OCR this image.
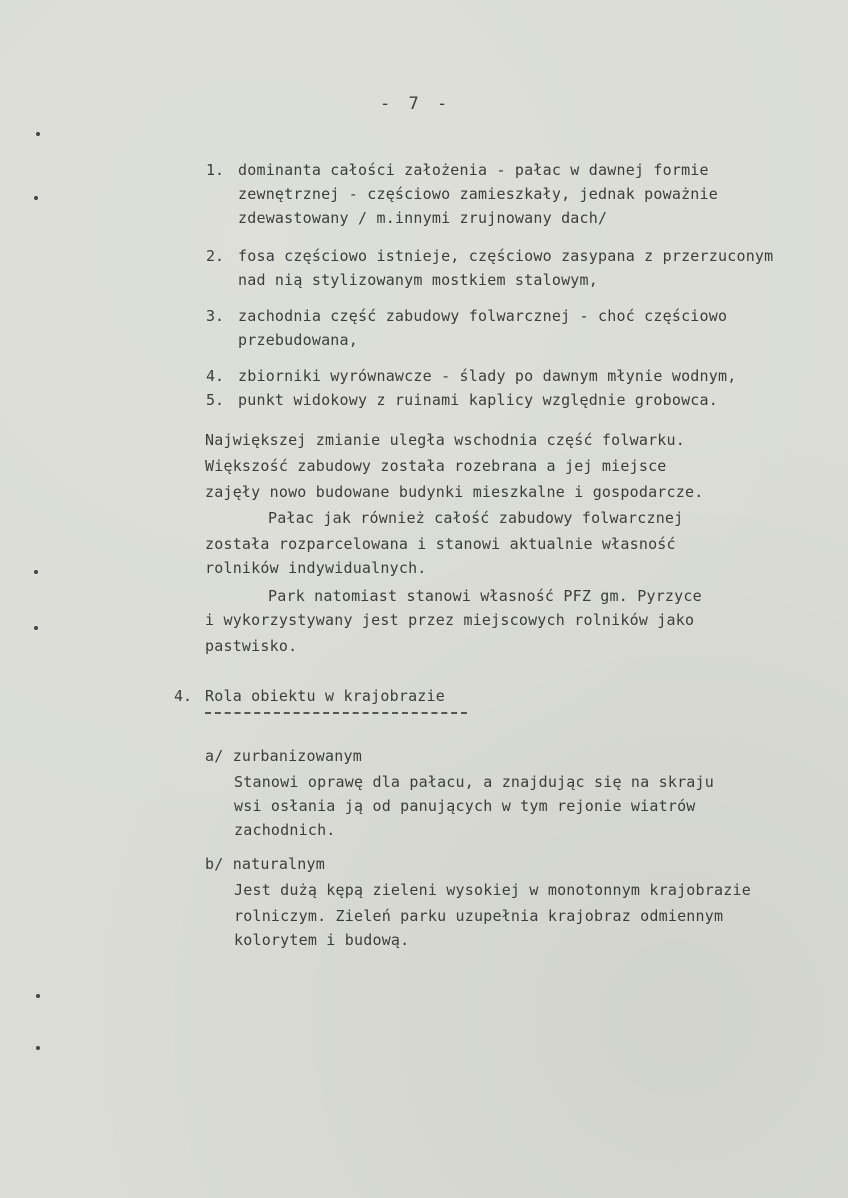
- 7 -
1. dominanta całości założenia - pałac w dawnej formie
zewnętrznej - częściowo zamieszkały, jednak poważnie
zdewastowany / m.innymi zrujnowany dach/
2. fosa częściowo istnieje, częściowo zasypana z przerzuconym
nad nią stylizowanym mostkiem stalowym,
3. zachodnia część zabudowy folwarcznej - choć częściowo
przebudowana,
4. zbiorniki wyrównawcze - ślady po dawnym młynie wodnym,
5. punkt widokowy z ruinami kaplicy względnie grobowca.
Największej zmianie uległa wschodnia część folwarku.
Większość zabudowy została rozebrana a jej miejsce
zajęły nowo budowane budynki mieszkalne i gospodarcze.
Pałac jak również całość zabudowy folwarcznej
została rozparcelowana i stanowi aktualnie własność
rolników indywidualnych.
Park natomiast stanowi własność PFZ gm. Pyrzyce
i wykorzystywany jest przez miejscowych rolników jako
pastwisko.
4. Rola obiektu w krajobrazie
a/ zurbanizowanym
Stanowi oprawę dla pałacu, a znajdując się na skraju
wsi osłania ją od panujących w tym rejonie wiatrów
zachodnich.
b/ naturalnym
Jest dużą kępą zieleni wysokiej w monotonnym krajobrazie
rolniczym. Zieleń parku uzupełnia krajobraz odmiennym
kolorytem i budową.
